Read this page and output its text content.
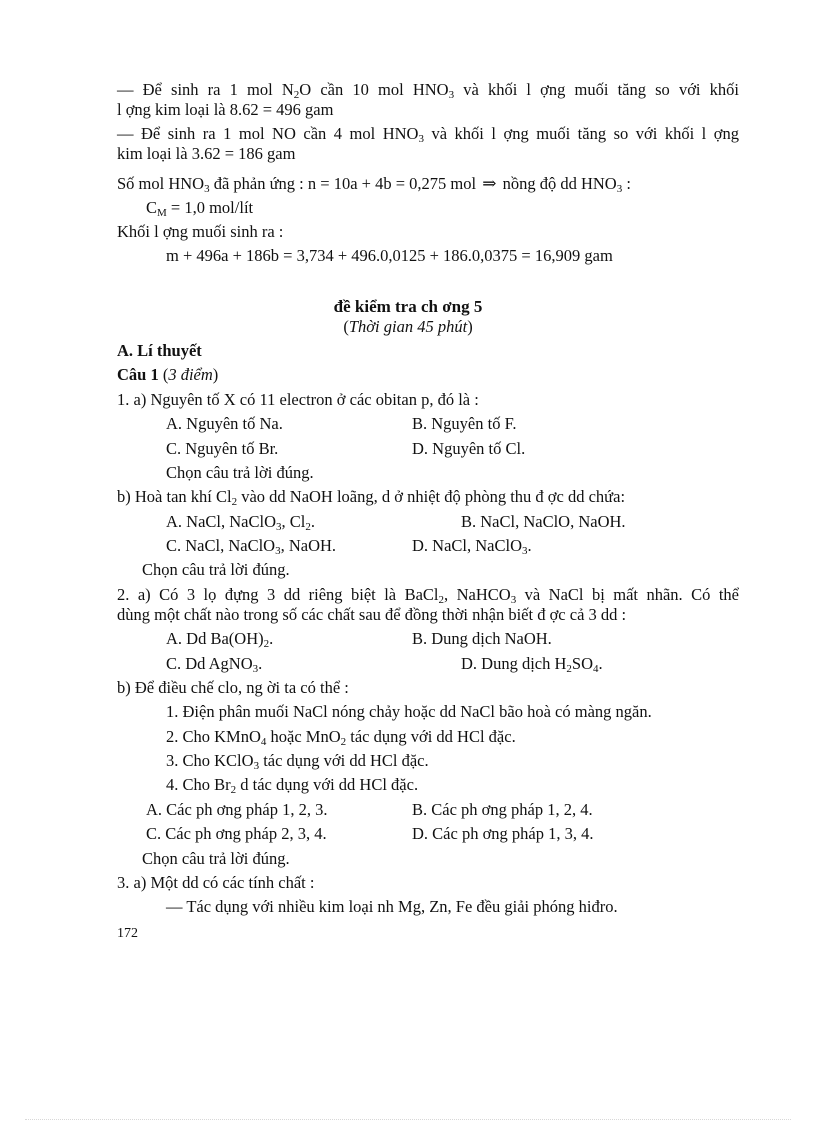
— Để sinh ra 1 mol $N_2O$ cần 10 mol $HNO_3$ và khối l ợng muối tăng so với khối
l ợng kim loại là 8.62 = 496 gam
— Để sinh ra 1 mol NO cần 4 mol $HNO_3$ và khối l ợng muối tăng so với khối l ợng
kim loại là 3.62 = 186 gam
Số mol $HNO_3$ đã phản ứng : n = 10a + 4b = 0,275 mol ⇒ nồng độ dd $HNO_3$ :
$C_M = 1,0$ mol/lít
Khối l ợng muối sinh ra :
m + 496a + 186b = 3,734 + 496.0,0125 + 186.0,0375 = 16,909 gam
đề kiểm tra ch ơng 5
(Thời gian 45 phút)
A. Lí thuyết
Câu 1 (3 điểm)
1. a) Nguyên tố X có 11 electron ở các obitan p, đó là :
A. Nguyên tố Na.	B. Nguyên tố F.
C. Nguyên tố Br.	D. Nguyên tố Cl.
Chọn câu trả lời đúng.
b) Hoà tan khí $Cl_2$ vào dd NaOH loãng, d ở nhiệt độ phòng thu đ ợc dd chứa:
A. NaCl, NaClO$_3$, $Cl_2$.	B. NaCl, NaClO, NaOH.
C. NaCl, NaClO$_3$, NaOH.	D. NaCl, NaClO$_3$.
Chọn câu trả lời đúng.
2. a) Có 3 lọ đựng 3 dd riêng biệt là BaCl$_2$, NaHCO$_3$ và NaCl bị mất nhãn. Có thể
dùng một chất nào trong số các chất sau để đồng thời nhận biết đ ợc cả 3 dd :
A. Dd $Ba(OH)_2$.	B. Dung dịch NaOH.
C. Dd AgNO$_3$.	D. Dung dịch $H_2SO_4$.
b) Để điều chế clo, ng ời ta có thể :
1. Điện phân muối NaCl nóng chảy hoặc dd NaCl bão hoà có màng ngăn.
2. Cho KMnO$_4$ hoặc MnO$_2$ tác dụng với dd HCl đặc.
3. Cho KClO$_3$ tác dụng với dd HCl đặc.
4. Cho $Br_2$ d tác dụng với dd HCl đặc.
A. Các ph ơng pháp 1, 2, 3.	B. Các ph ơng pháp 1, 2, 4.
C. Các ph ơng pháp 2, 3, 4.	D. Các ph ơng pháp 1, 3, 4.
Chọn câu trả lời đúng.
3. a) Một dd có các tính chất :
— Tác dụng với nhiều kim loại nh Mg, Zn, Fe đều giải phóng hiđro.
172
